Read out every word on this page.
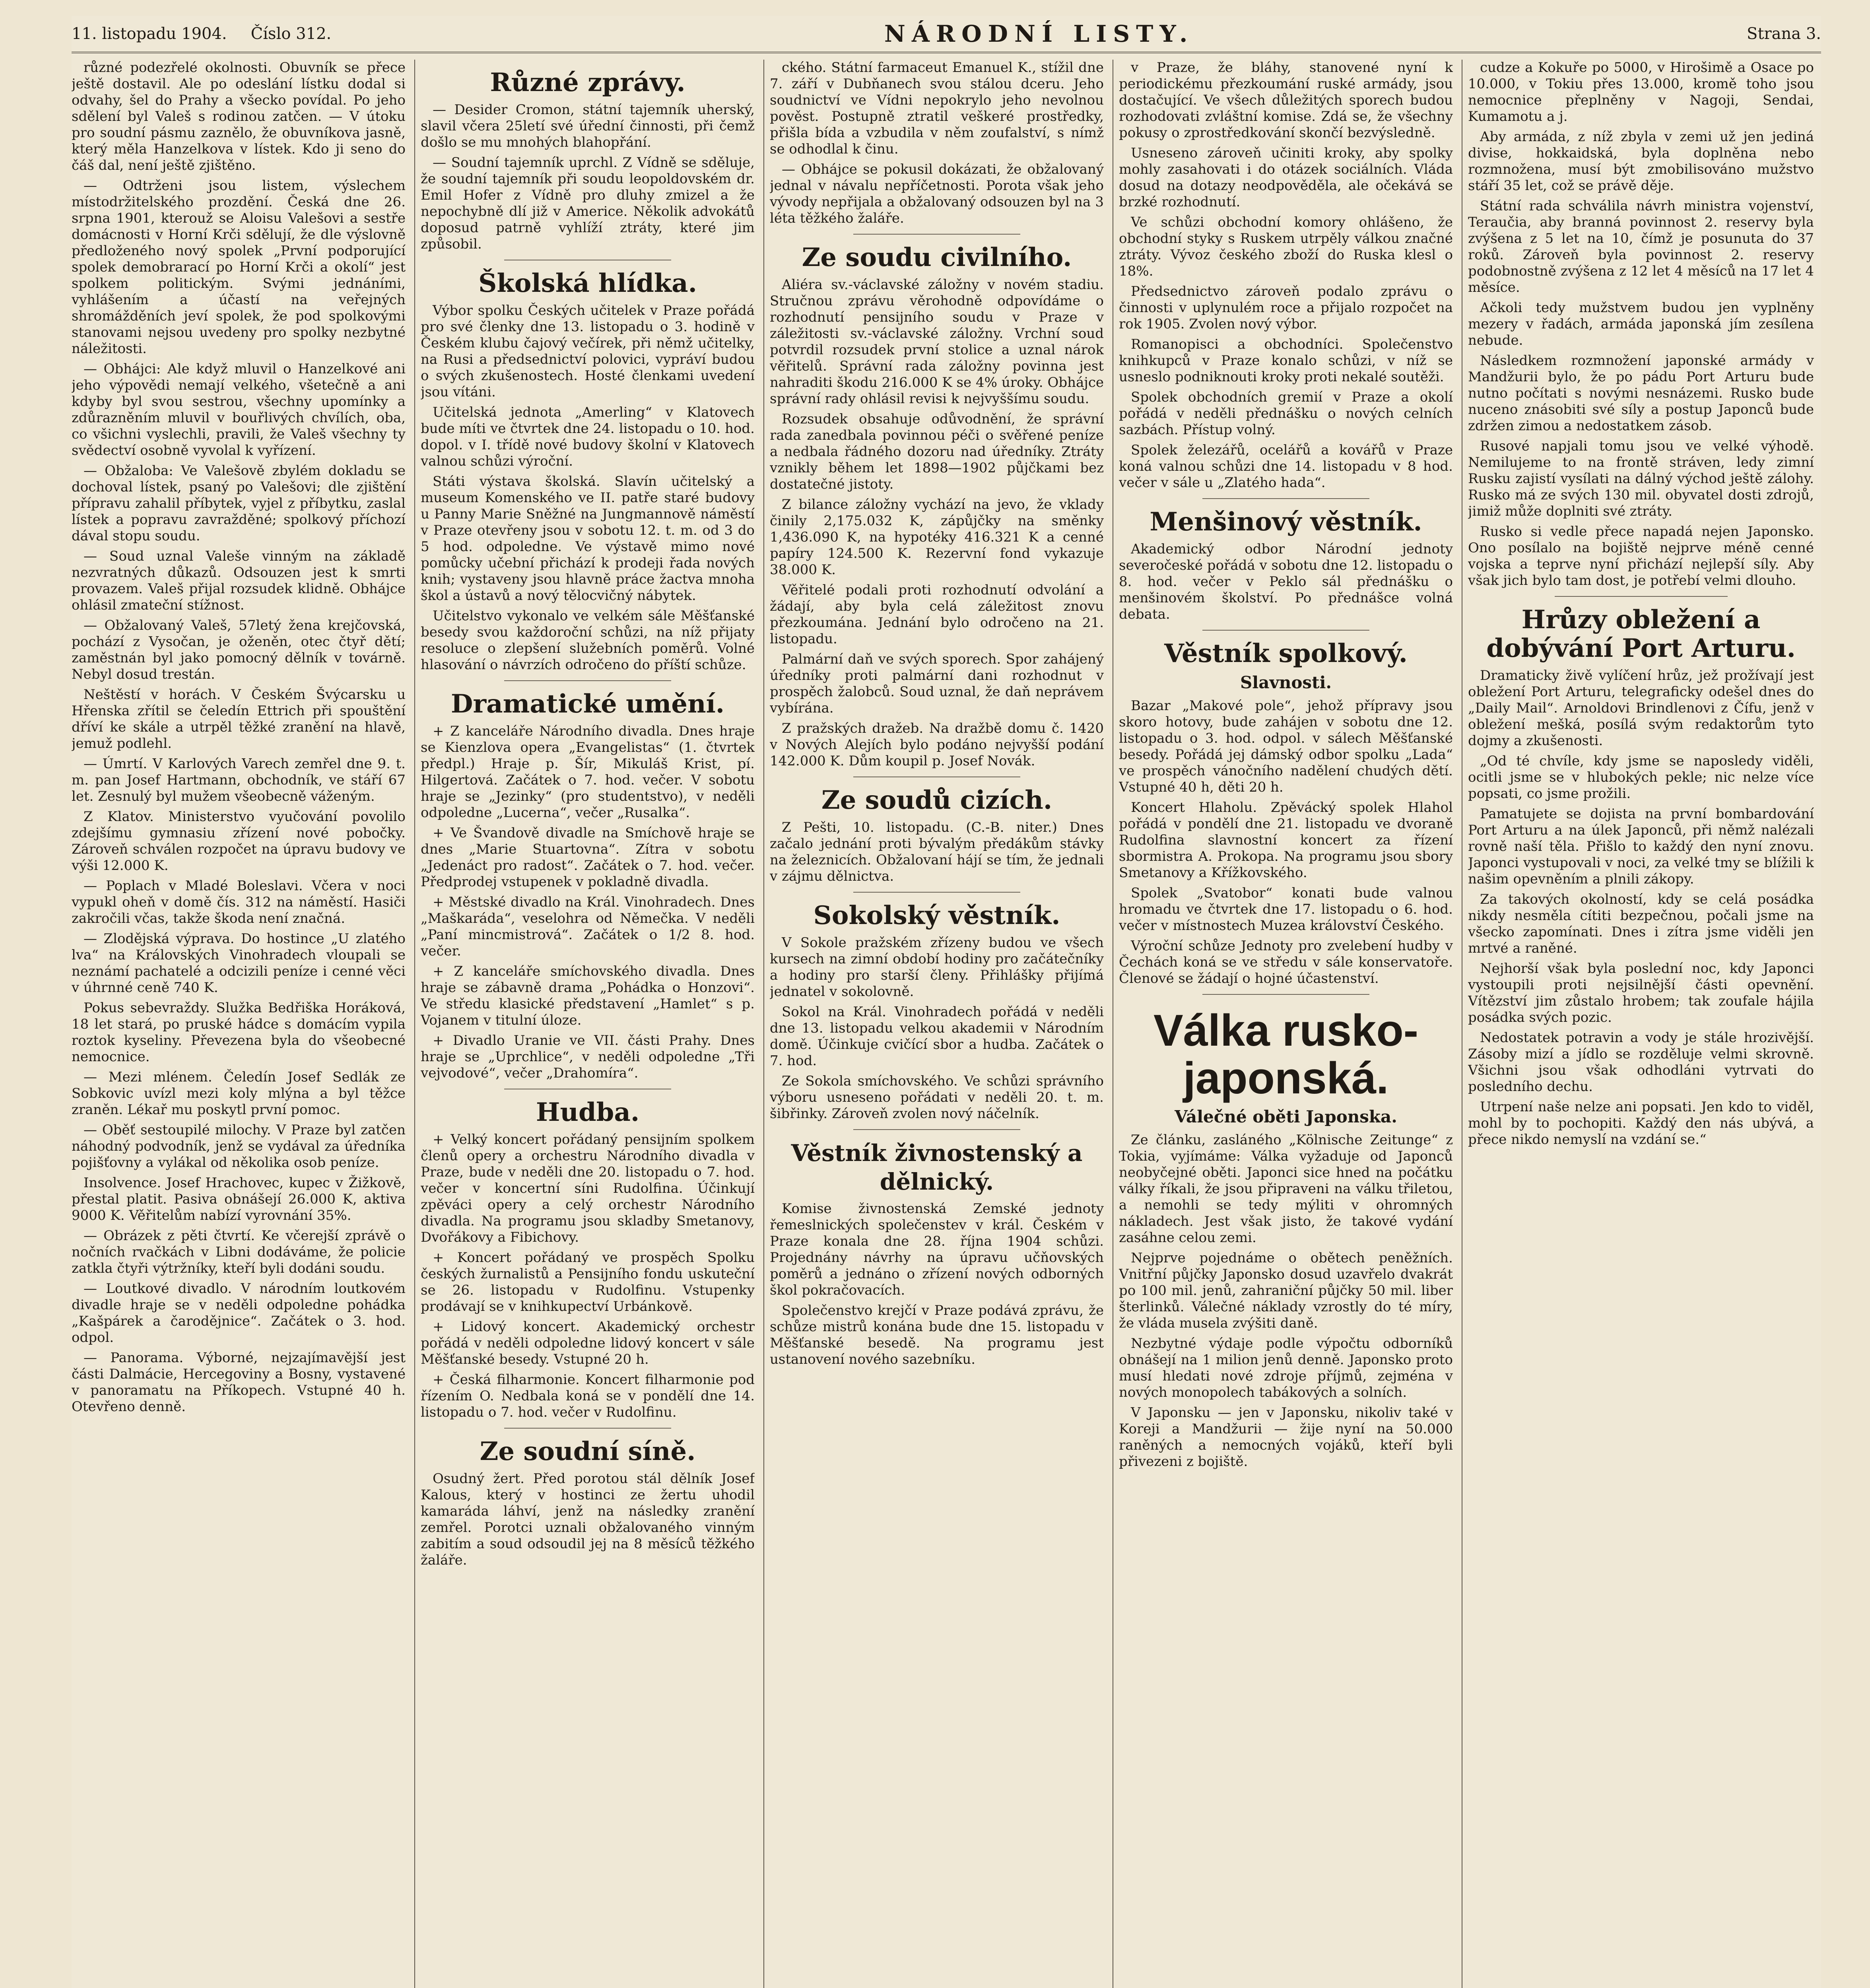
11. listopadu 1904. Číslo 312.	NÁRODNÍ LISTY.	Strana 3.

různé podezřelé okolnosti. Obuvník se přece ještě dostavil. Ale po odeslání lístku dodal si odvahy, šel do Prahy a všecko povídal. Po jeho sdělení byl Valeš s rodinou zatčen. — V útoku pro soudní pásmu zaznělo, že obuvníkova jasně, který měla Hanzelkova v lístek. Kdo ji seno do čáš dal, není ještě zjištěno.

— Odtrženi jsou listem, výslechem místodržitelského prozdění. Česká dne 26. srpna 1901, kterouž se Aloisu Valešovi a sestře domácnosti v Horní Krči sdělují, že dle výslovně předloženého nový spolek „První podporující spolek demobrarací po Horní Krči a okolí“ jest spolkem politickým. Svými jednáními, vyhlášením a účastí na veřejných shromážděních jeví spolek, že pod spolkovými stanovami nejsou uvedeny pro spolky nezbytné náležitosti.

— Obhájci: Ale když mluvil o Hanzelkové ani jeho výpovědi nemají velkého, všetečně a ani kdyby byl svou sestrou, všechny upomínky a zdůrazněním mluvil v bouřlivých chvílích, oba, co všichni vyslechli, pravili, že Valeš všechny ty svědectví osobně vyvolal k vyřízení.

— Obžaloba: Ve Valešově zbylém dokladu se dochoval lístek, psaný po Valešovi; dle zjištění přípravu zahalil příbytek, vyjel z příbytku, zaslal lístek a popravu zavražděné; spolkový příchozí dával stopu soudu.

— Soud uznal Valeše vinným na základě nezvratných důkazů. Odsouzen jest k smrti provazem. Valeš přijal rozsudek klidně. Obhájce ohlásil zmateční stížnost.

— Obžalovaný Valeš, 57letý žena krejčovská, pochází z Vysočan, je oženěn, otec čtyř dětí; zaměstnán byl jako pomocný dělník v továrně. Nebyl dosud trestán.

Neštěstí v horách. V Českém Švýcarsku u Hřenska zřítil se čeledín Ettrich při spouštění dříví ke skále a utrpěl těžké zranění na hlavě, jemuž podlehl.

— Úmrtí. V Karlových Varech zemřel dne 9. t. m. pan Josef Hartmann, obchodník, ve stáří 67 let. Zesnulý byl mužem všeobecně váženým.

Z Klatov. Ministerstvo vyučování povolilo zdejšímu gymnasiu zřízení nové pobočky. Zároveň schválen rozpočet na úpravu budovy ve výši 12.000 K.

— Poplach v Mladé Boleslavi. Včera v noci vypukl oheň v domě čís. 312 na náměstí. Hasiči zakročili včas, takže škoda není značná.

— Zlodějská výprava. Do hostince „U zlatého lva“ na Královských Vinohradech vloupali se neznámí pachatelé a odcizili peníze i cenné věci v úhrnné ceně 740 K.

Pokus sebevraždy. Služka Bedřiška Horáková, 18 let stará, po pruské hádce s domácím vypila roztok kyseliny. Převezena byla do všeobecné nemocnice.

— Mezi mlénem. Čeledín Josef Sedlák ze Sobkovic uvízl mezi koly mlýna a byl těžce zraněn. Lékař mu poskytl první pomoc.

— Oběť sestoupilé milochy. V Praze byl zatčen náhodný podvodník, jenž se vydával za úředníka pojišťovny a vylákal od několika osob peníze.

Insolvence. Josef Hrachovec, kupec v Žižkově, přestal platit. Pasiva obnášejí 26.000 K, aktiva 9000 K. Věřitelům nabízí vyrovnání 35%.

— Obrázek z pěti čtvrtí. Ke včerejší zprávě o nočních rvačkách v Libni dodáváme, že policie zatkla čtyři výtržníky, kteří byli dodáni soudu.

— Loutkové divadlo. V národním loutkovém divadle hraje se v neděli odpoledne pohádka „Kašpárek a čarodějnice“. Začátek o 3. hod. odpol.

— Panorama. Výborné, nejzajímavější jest části Dalmácie, Hercegoviny a Bosny, vystavené v panoramatu na Příkopech. Vstupné 40 h. Otevřeno denně.

Různé zprávy.

— Desider Cromon, státní tajemník uherský, slavil včera 25letí své úřední činnosti, při čemž došlo se mu mnohých blahopřání.

— Soudní tajemník uprchl. Z Vídně se sděluje, že soudní tajemník při soudu leopoldovském dr. Emil Hofer z Vídně pro dluhy zmizel a že nepochybně dlí již v Americe. Několik advokátů doposud patrně vyhlíží ztráty, které jim způsobil.

Školská hlídka.

Výbor spolku Českých učitelek v Praze pořádá pro své členky dne 13. listopadu o 3. hodině v Českém klubu čajový večírek, při němž učitelky, na Rusi a předsednictví polovici, vypráví budou o svých zkušenostech. Hosté členkami uvedení jsou vítáni.

Učitelská jednota „Amerling“ v Klatovech bude míti ve čtvrtek dne 24. listopadu o 10. hod. dopol. v I. třídě nové budovy školní v Klatovech valnou schůzi výroční.

Státi výstava školská. Slavín učitelský a museum Komenského ve II. patře staré budovy u Panny Marie Sněžné na Jungmannově náměstí v Praze otevřeny jsou v sobotu 12. t. m. od 3 do 5 hod. odpoledne. Ve výstavě mimo nové pomůcky učební přichází k prodeji řada nových knih; vystaveny jsou hlavně práce žactva mnoha škol a ústavů a nový tělocvičný nábytek.

Učitelstvo vykonalo ve velkém sále Měšťanské besedy svou každoroční schůzi, na níž přijaty resoluce o zlepšení služebních poměrů. Volné hlasování o návrzích odročeno do příští schůze.

Dramatické umění.

+ Z kanceláře Národního divadla. Dnes hraje se Kienzlova opera „Evangelistas“ (1. čtvrtek předpl.) Hraje p. Šír, Mikuláš Krist, pí. Hilgertová. Začátek o 7. hod. večer. V sobotu hraje se „Jezinky“ (pro studentstvo), v neděli odpoledne „Lucerna“, večer „Rusalka“.

+ Ve Švandově divadle na Smíchově hraje se dnes „Marie Stuartovna“. Zítra v sobotu „Jedenáct pro radost“. Začátek o 7. hod. večer. Předprodej vstupenek v pokladně divadla.

+ Městské divadlo na Král. Vinohradech. Dnes „Maškaráda“, veselohra od Němečka. V neděli „Paní mincmistrová“. Začátek o 1/2 8. hod. večer.

+ Z kanceláře smíchovského divadla. Dnes hraje se zábavně drama „Pohádka o Honzovi“. Ve středu klasické představení „Hamlet“ s p. Vojanem v titulní úloze.

+ Divadlo Uranie ve VII. části Prahy. Dnes hraje se „Uprchlice“, v neděli odpoledne „Tři vejvodové“, večer „Drahomíra“.

Hudba.

+ Velký koncert pořádaný pensijním spolkem členů opery a orchestru Národního divadla v Praze, bude v neděli dne 20. listopadu o 7. hod. večer v koncertní síni Rudolfina. Účinkují zpěváci opery a celý orchestr Národního divadla. Na programu jsou skladby Smetanovy, Dvořákovy a Fibichovy.

+ Koncert pořádaný ve prospěch Spolku českých žurnalistů a Pensijního fondu uskuteční se 26. listopadu v Rudolfinu. Vstupenky prodávají se v knihkupectví Urbánkově.

+ Lidový koncert. Akademický orchestr pořádá v neděli odpoledne lidový koncert v sále Měšťanské besedy. Vstupné 20 h.

+ Česká filharmonie. Koncert filharmonie pod řízením O. Nedbala koná se v pondělí dne 14. listopadu o 7. hod. večer v Rudolfinu.

Ze soudní síně.

Osudný žert. Před porotou stál dělník Josef Kalous, který v hostinci ze žertu uhodil kamaráda láhví, jenž na následky zranění zemřel. Porotci uznali obžalovaného vinným zabitím a soud odsoudil jej na 8 měsíců těžkého žaláře.

ckého. Státní farmaceut Emanuel K., stížil dne 7. září v Dubňanech svou stálou dceru. Jeho soudnictví ve Vídni nepokrylo jeho nevolnou pověst. Postupně ztratil veškeré prostředky, přišla bída a vzbudila v něm zoufalství, s nímž se odhodlal k činu.

— Obhájce se pokusil dokázati, že obžalovaný jednal v návalu nepříčetnosti. Porota však jeho vývody nepřijala a obžalovaný odsouzen byl na 3 léta těžkého žaláře.

Ze soudu civilního.

Aliéra sv.-václavské záložny v novém stadiu. Stručnou zprávu věrohodně odpovídáme o rozhodnutí pensijního soudu v Praze v záležitosti sv.-václavské záložny. Vrchní soud potvrdil rozsudek první stolice a uznal nárok věřitelů. Správní rada záložny povinna jest nahraditi škodu 216.000 K se 4% úroky. Obhájce správní rady ohlásil revisi k nejvyššímu soudu.

Rozsudek obsahuje odůvodnění, že správní rada zanedbala povinnou péči o svěřené peníze a nedbala řádného dozoru nad úředníky. Ztráty vznikly během let 1898—1902 půjčkami bez dostatečné jistoty.

Z bilance záložny vychází na jevo, že vklady činily 2,175.032 K, zápůjčky na směnky 1,436.090 K, na hypotéky 416.321 K a cenné papíry 124.500 K. Rezervní fond vykazuje 38.000 K.

Věřitelé podali proti rozhodnutí odvolání a žádají, aby byla celá záležitost znovu přezkoumána. Jednání bylo odročeno na 21. listopadu.

Palmární daň ve svých sporech. Spor zahájený úředníky proti palmární dani rozhodnut v prospěch žalobců. Soud uznal, že daň neprávem vybírána.

Z pražských dražeb. Na dražbě domu č. 1420 v Nových Alejích bylo podáno nejvyšší podání 142.000 K. Dům koupil p. Josef Novák.

Ze soudů cizích.

Z Pešti, 10. listopadu. (C.-B. niter.) Dnes začalo jednání proti bývalým předákům stávky na železnicích. Obžalovaní hájí se tím, že jednali v zájmu dělnictva.

Sokolský věstník.

V Sokole pražském zřízeny budou ve všech kursech na zimní období hodiny pro začátečníky a hodiny pro starší členy. Přihlášky přijímá jednatel v sokolovně.

Sokol na Král. Vinohradech pořádá v neděli dne 13. listopadu velkou akademii v Národním domě. Účinkuje cvičící sbor a hudba. Začátek o 7. hod.

Ze Sokola smíchovského. Ve schůzi správního výboru usneseno pořádati v neděli 20. t. m. šibřinky. Zároveň zvolen nový náčelník.

Věstník živnostenský a dělnický.

Komise živnostenská Zemské jednoty řemeslnických společenstev v král. Českém v Praze konala dne 28. října 1904 schůzi. Projednány návrhy na úpravu učňovských poměrů a jednáno o zřízení nových odborných škol pokračovacích.

Společenstvo krejčí v Praze podává zprávu, že schůze mistrů konána bude dne 15. listopadu v Měšťanské besedě. Na programu jest ustanovení nového sazebníku.

v Praze, že bláhy, stanovené nyní k periodickému přezkoumání ruské armády, jsou dostačující. Ve všech důležitých sporech budou rozhodovati zvláštní komise. Zdá se, že všechny pokusy o zprostředkování skončí bezvýsledně.

Usneseno zároveň učiniti kroky, aby spolky mohly zasahovati i do otázek sociálních. Vláda dosud na dotazy neodpověděla, ale očekává se brzké rozhodnutí.

Ve schůzi obchodní komory ohlášeno, že obchodní styky s Ruskem utrpěly válkou značné ztráty. Vývoz českého zboží do Ruska klesl o 18%.

Předsednictvo zároveň podalo zprávu o činnosti v uplynulém roce a přijalo rozpočet na rok 1905. Zvolen nový výbor.

Romanopisci a obchodníci. Společenstvo knihkupců v Praze konalo schůzi, v níž se usneslo podniknouti kroky proti nekalé soutěži.

Spolek obchodních gremií v Praze a okolí pořádá v neděli přednášku o nových celních sazbách. Přístup volný.

Spolek železářů, ocelářů a kovářů v Praze koná valnou schůzi dne 14. listopadu v 8 hod. večer v sále u „Zlatého hada“.

Menšinový věstník.

Akademický odbor Národní jednoty severočeské pořádá v sobotu dne 12. listopadu o 8. hod. večer v Peklo sál přednášku o menšinovém školství. Po přednášce volná debata.

Věstník spolkový.
Slavnosti.

Bazar „Makové pole“, jehož přípravy jsou skoro hotovy, bude zahájen v sobotu dne 12. listopadu o 3. hod. odpol. v sálech Měšťanské besedy. Pořádá jej dámský odbor spolku „Lada“ ve prospěch vánočního nadělení chudých dětí. Vstupné 40 h, děti 20 h.

Koncert Hlaholu. Zpěvácký spolek Hlahol pořádá v pondělí dne 21. listopadu ve dvoraně Rudolfina slavnostní koncert za řízení sbormistra A. Prokopa. Na programu jsou sbory Smetanovy a Křížkovského.

Spolek „Svatobor“ konati bude valnou hromadu ve čtvrtek dne 17. listopadu o 6. hod. večer v místnostech Muzea království Českého.

Výroční schůze Jednoty pro zvelebení hudby v Čechách koná se ve středu v sále konservatoře. Členové se žádají o hojné účastenství.

Válka rusko-japonská.
Válečné oběti Japonska.

Ze článku, zasláného „Kölnische Zeitunge“ z Tokia, vyjímáme: Válka vyžaduje od Japonců neobyčejné oběti. Japonci sice hned na počátku války říkali, že jsou připraveni na válku třiletou, a nemohli se tedy mýliti v ohromných nákladech. Jest však jisto, že takové vydání zasáhne celou zemi.

Nejprve pojednáme o obětech peněžních. Vnitřní půjčky Japonsko dosud uzavřelo dvakrát po 100 mil. jenů, zahraniční půjčky 50 mil. liber šterlinků. Válečné náklady vzrostly do té míry, že vláda musela zvýšiti daně.

Nezbytné výdaje podle výpočtu odborníků obnášejí na 1 milion jenů denně. Japonsko proto musí hledati nové zdroje příjmů, zejména v nových monopolech tabákových a solních.

V Japonsku — jen v Japonsku, nikoliv také v Koreji a Mandžurii — žije nyní na 50.000 raněných a nemocných vojáků, kteří byli přivezeni z bojiště.

cudze a Kokuře po 5000, v Hirošimě a Osace po 10.000, v Tokiu přes 13.000, kromě toho jsou nemocnice přeplněny v Nagoji, Sendai, Kumamotu a j.

Aby armáda, z níž zbyla v zemi už jen jediná divise, hokkaidská, byla doplněna nebo rozmnožena, musí být zmobilisováno mužstvo stáří 35 let, což se právě děje.

Státní rada schválila návrh ministra vojenství, Teraučia, aby branná povinnost 2. reservy byla zvýšena z 5 let na 10, čímž je posunuta do 37 roků. Zároveň byla povinnost 2. reservy podobnostně zvýšena z 12 let 4 měsíců na 17 let 4 měsíce.

Ačkoli tedy mužstvem budou jen vyplněny mezery v řadách, armáda japonská jím zesílena nebude.

Následkem rozmnožení japonské armády v Mandžurii bylo, že po pádu Port Arturu bude nutno počítati s novými nesnázemi. Rusko bude nuceno znásobiti své síly a postup Japonců bude zdržen zimou a nedostatkem zásob.

Rusové napjali tomu jsou ve velké výhodě. Nemilujeme to na frontě stráven, ledy zimní Rusku zajistí vysílati na dálný východ ještě zálohy. Rusko má ze svých 130 mil. obyvatel dosti zdrojů, jimiž může doplniti své ztráty.

Rusko si vedle přece napadá nejen Japonsko. Ono posílalo na bojiště nejprve méně cenné vojska a teprve nyní přichází nejlepší síly. Aby však jich bylo tam dost, je potřebí velmi dlouho.

Hrůzy obležení a dobývání Port Arturu.

Dramaticky živě vylíčení hrůz, jež prožívají jest obležení Port Arturu, telegraficky odešel dnes do „Daily Mail“. Arnoldovi Brindlenovi z Čífu, jenž v obležení mešká, posílá svým redaktorům tyto dojmy a zkušenosti.

„Od té chvíle, kdy jsme se naposledy viděli, ocitli jsme se v hlubokých pekle; nic nelze více popsati, co jsme prožili.

Pamatujete se dojista na první bombardování Port Arturu a na úlek Japonců, při němž nalézali rovně naší těla. Přišlo to každý den nyní znovu. Japonci vystupovali v noci, za velké tmy se blížili k našim opevněním a plnili zákopy.

Za takových okolností, kdy se celá posádka nikdy nesměla cítiti bezpečnou, počali jsme na všecko zapomínati. Dnes i zítra jsme viděli jen mrtvé a raněné.

Nejhorší však byla poslední noc, kdy Japonci vystoupili proti nejsilnější části opevnění. Vítězství jim zůstalo hrobem; tak zoufale hájila posádka svých pozic.

Nedostatek potravin a vody je stále hrozivější. Zásoby mizí a jídlo se rozděluje velmi skrovně. Všichni jsou však odhodláni vytrvati do posledního dechu.

Utrpení naše nelze ani popsati. Jen kdo to viděl, mohl by to pochopiti. Každý den nás ubývá, a přece nikdo nemyslí na vzdání se.“
